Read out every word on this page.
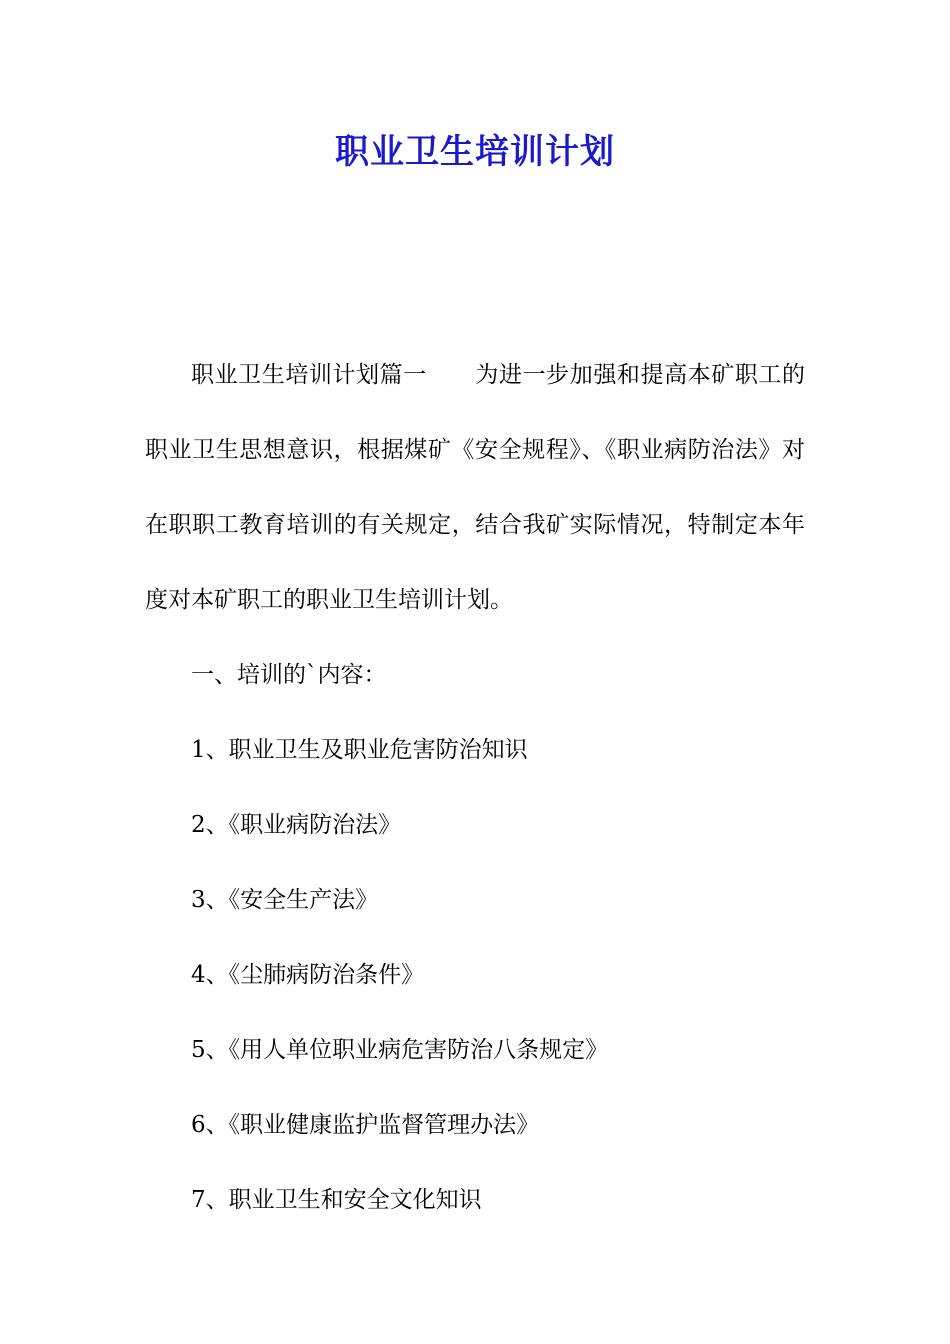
职业卫生培训计划

职业卫生培训计划篇一 为进一步加强和提高本矿职工的职业卫生思想意识，根据煤矿《安全规程》、《职业病防治法》对在职职工教育培训的有关规定，结合我矿实际情况，特制定本年度对本矿职工的职业卫生培训计划。

一、培训的`内容：

1、职业卫生及职业危害防治知识

2、《职业病防治法》

3、《安全生产法》

4、《尘肺病防治条件》

5、《用人单位职业病危害防治八条规定》

6、《职业健康监护监督管理办法》

7、职业卫生和安全文化知识
